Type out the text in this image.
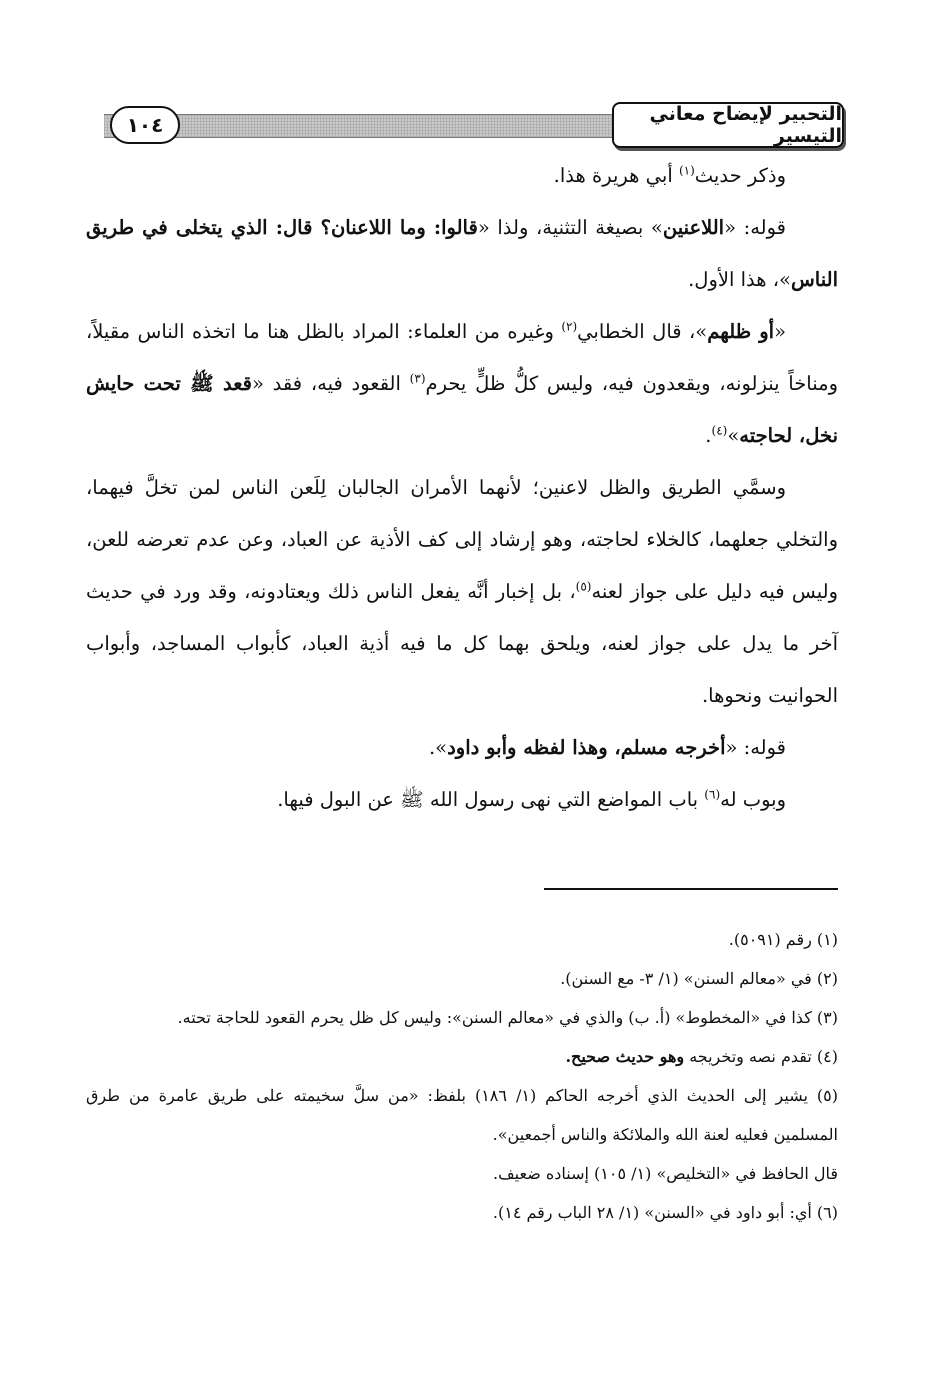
التحبير لإيضاح معاني التيسير
١٠٤

وذكر حديث$^{(١)}$ أبي هريرة هذا.

قوله: «اللاعنين» بصيغة التثنية، ولذا «قالوا: وما اللاعنان؟ قال: الذي يتخلى في طريق الناس»، هذا الأول.

«أو ظلهم»، قال الخطابي$^{(٢)}$ وغيره من العلماء: المراد بالظل هنا ما اتخذه الناس مقيلاً، ومناخاً ينزلونه، ويقعدون فيه، وليس كلُّ ظلٍّ يحرم$^{(٣)}$ القعود فيه، فقد «قعد ﷺ تحت حايش نخل، لحاجته»$^{(٤)}$.

وسمَّي الطريق والظل لاعنين؛ لأنهما الأمران الجالبان لِلَعن الناس لمن تخلَّ فيهما، والتخلي جعلهما، كالخلاء لحاجته، وهو إرشاد إلى كف الأذية عن العباد، وعن عدم تعرضه للعن، وليس فيه دليل على جواز لعنه$^{(٥)}$، بل إخبار أنَّه يفعل الناس ذلك ويعتادونه، وقد ورد في حديث آخر ما يدل على جواز لعنه، ويلحق بهما كل ما فيه أذية العباد، كأبواب المساجد، وأبواب الحوانيت ونحوها.

قوله: «أخرجه مسلم، وهذا لفظه وأبو داود».

وبوب له$^{(٦)}$ باب المواضع التي نهى رسول الله ﷺ عن البول فيها.

(١) رقم (٥٠٩١).

(٢) في «معالم السنن» (١/ ٣- مع السنن).

(٣) كذا في «المخطوط» (أ. ب) والذي في «معالم السنن»: وليس كل ظل يحرم القعود للحاجة تحته.

(٤) تقدم نصه وتخريجه وهو حديث صحيح.

(٥) يشير إلى الحديث الذي أخرجه الحاكم (١/ ١٨٦) بلفظ: «من سلَّ سخيمته على طريق عامرة من طرق المسلمين فعليه لعنة الله والملائكة والناس أجمعين».

قال الحافظ في «التخليص» (١/ ١٠٥) إسناده ضعيف.

(٦) أي: أبو داود في «السنن» (١/ ٢٨ الباب رقم ١٤).
